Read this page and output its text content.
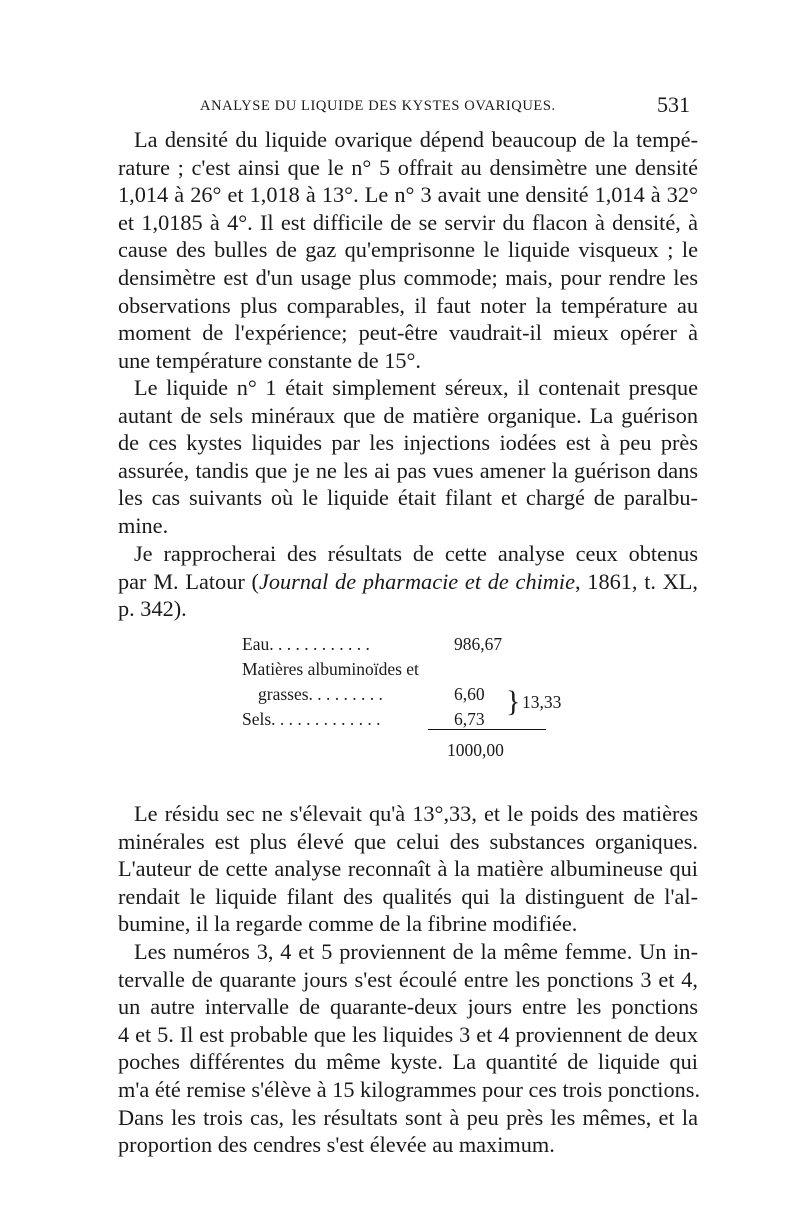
ANALYSE DU LIQUIDE DES KYSTES OVARIQUES.	531
La densité du liquide ovarique dépend beaucoup de la tempé-
rature ; c'est ainsi que le n° 5 offrait au densimètre une densité
1,014 à 26° et 1,018 à 13°. Le n° 3 avait une densité 1,014 à 32°
et 1,0185 à 4°. Il est difficile de se servir du flacon à densité, à
cause des bulles de gaz qu'emprisonne le liquide visqueux ; le
densimètre est d'un usage plus commode; mais, pour rendre les
observations plus comparables, il faut noter la température au
moment de l'expérience; peut-être vaudrait-il mieux opérer à
une température constante de 15°.
Le liquide n° 1 était simplement séreux, il contenait presque
autant de sels minéraux que de matière organique. La guérison
de ces kystes liquides par les injections iodées est à peu près
assurée, tandis que je ne les ai pas vues amener la guérison dans
les cas suivants où le liquide était filant et chargé de paralbu-
mine.
Je rapprocherai des résultats de cette analyse ceux obtenus
par M. Latour (Journal de pharmacie et de chimie, 1861, t. XL,
p. 342).
Eau. . . . . . . . . . . .	986,67
Matières albuminoïdes et
grasses. . . . . . . . .	6,60
Sels. . . . . . . . . . . . .	6,73
} 13,33
1000,00
Le résidu sec ne s'élevait qu'à 13°,33, et le poids des matières
minérales est plus élevé que celui des substances organiques.
L'auteur de cette analyse reconnaît à la matière albumineuse qui
rendait le liquide filant des qualités qui la distinguent de l'al-
bumine, il la regarde comme de la fibrine modifiée.
Les numéros 3, 4 et 5 proviennent de la même femme. Un in-
tervalle de quarante jours s'est écoulé entre les ponctions 3 et 4,
un autre intervalle de quarante-deux jours entre les ponctions
4 et 5. Il est probable que les liquides 3 et 4 proviennent de deux
poches différentes du même kyste. La quantité de liquide qui
m'a été remise s'élève à 15 kilogrammes pour ces trois ponctions.
Dans les trois cas, les résultats sont à peu près les mêmes, et la
proportion des cendres s'est élevée au maximum.
